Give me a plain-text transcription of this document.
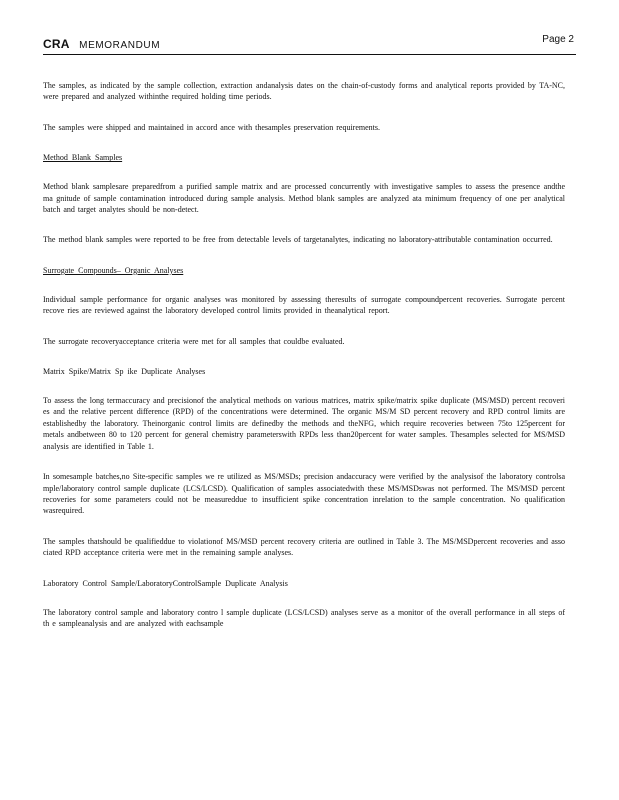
CRA MEMORANDUM
Page 2

The samples, as indicated by the sample collection, extraction andanalysis dates on the chain-of-custody forms and analytical reports provided by TA-NC, were prepared and analyzed withinthe required holding time periods.

The samples were shipped and maintained in accord ance with thesamples preservation requirements.

Method Blank Samples

Method blank samplesare preparedfrom a purified sample matrix and are processed concurrently with investigative samples to assess the presence andthe ma gnitude of sample contamination introduced during sample analysis. Method blank samples are analyzed ata minimum frequency of one per analytical batch and target analytes should be non-detect.

The method blank samples were reported to be free from detectable levels of targetanalytes, indicating no laboratory-attributable contamination occurred.

Surrogate Compounds– Organic Analyses

Individual sample performance for organic analyses was monitored by assessing theresults of surrogate compoundpercent recoveries. Surrogate percent recove ries are reviewed against the laboratory developed control limits provided in theanalytical report.

The surrogate recoveryacceptance criteria were met for all samples that couldbe evaluated.

Matrix Spike/Matrix Sp ike Duplicate Analyses

To assess the long termaccuracy and precisionof the analytical methods on various matrices, matrix spike/matrix spike duplicate (MS/MSD) percent recoveri es and the relative percent difference (RPD) of the concentrations were determined. The organic MS/M SD percent recovery and RPD control limits are establishedby the laboratory. Theinorganic control limits are definedby the methods and theNFG, which require recoveries between 75to 125percent for metals andbetween 80 to 120 percent for general chemistry parameterswith RPDs less than20percent for water samples. Thesamples selected for MS/MSD analysis are identified in Table 1.

In somesample batches,no Site-specific samples we re utilized as MS/MSDs; precision andaccuracy were verified by the analysisof the laboratory controlsa mple/laboratory control sample duplicate (LCS/LCSD). Qualification of samples associatedwith these MS/MSDswas not performed. The MS/MSD percent recoveries for some parameters could not be measureddue to insufficient spike concentration inrelation to the sample concentration. No qualification wasrequired.

The samples thatshould be qualifieddue to violationof MS/MSD percent recovery criteria are outlined in Table 3. The MS/MSDpercent recoveries and asso ciated RPD acceptance criteria were met in the remaining sample analyses.

Laboratory Control Sample/LaboratoryControlSample Duplicate Analysis

The laboratory control sample and laboratory contro l sample duplicate (LCS/LCSD) analyses serve as a monitor of the overall performance in all steps of th e sampleanalysis and are analyzed with eachsample
